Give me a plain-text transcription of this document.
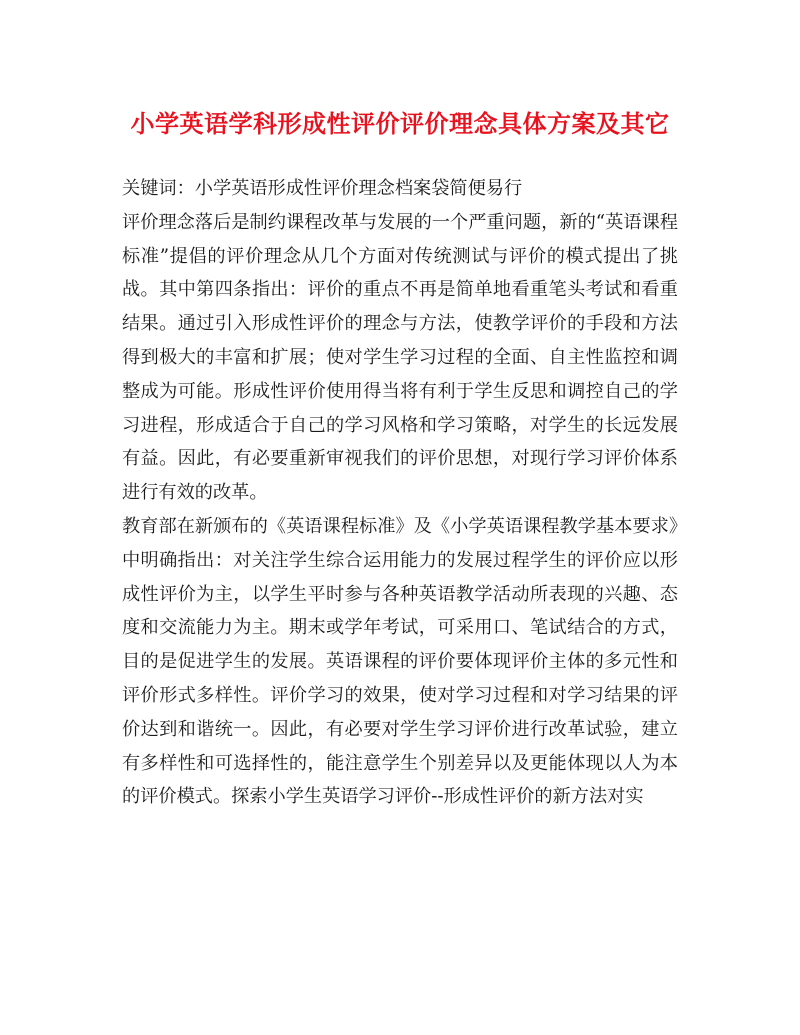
小学英语学科形成性评价评价理念具体方案及其它

关键词：小学英语形成性评价理念档案袋简便易行

评价理念落后是制约课程改革与发展的一个严重问题，新的“英语课程标准”提倡的评价理念从几个方面对传统测试与评价的模式提出了挑战。其中第四条指出：评价的重点不再是简单地看重笔头考试和看重结果。通过引入形成性评价的理念与方法，使教学评价的手段和方法得到极大的丰富和扩展；使对学生学习过程的全面、自主性监控和调整成为可能。形成性评价使用得当将有利于学生反思和调控自己的学习进程，形成适合于自己的学习风格和学习策略，对学生的长远发展有益。因此，有必要重新审视我们的评价思想，对现行学习评价体系进行有效的改革。

教育部在新颁布的《英语课程标准》及《小学英语课程教学基本要求》中明确指出：对关注学生综合运用能力的发展过程学生的评价应以形成性评价为主，以学生平时参与各种英语教学活动所表现的兴趣、态度和交流能力为主。期末或学年考试，可采用口、笔试结合的方式，目的是促进学生的发展。英语课程的评价要体现评价主体的多元性和评价形式多样性。评价学习的效果，使对学习过程和对学习结果的评价达到和谐统一。因此，有必要对学生学习评价进行改革试验，建立有多样性和可选择性的，能注意学生个别差异以及更能体现以人为本的评价模式。探索小学生英语学习评价--形成性评价的新方法对实
